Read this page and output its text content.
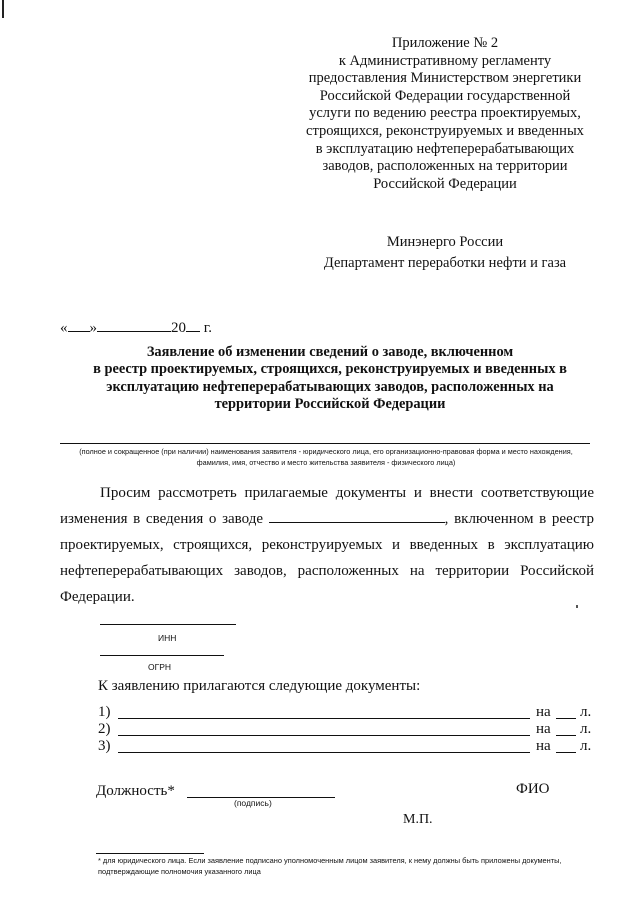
Приложение № 2
к Административному регламенту
предоставления Министерством энергетики
Российской Федерации государственной
услуги по ведению реестра проектируемых,
строящихся, реконструируемых и введенных
в эксплуатацию нефтеперерабатывающих
заводов, расположенных на территории
Российской Федерации
Минэнерго России
Департамент переработки нефти и газа
« »	20 г.
Заявление об изменении сведений о заводе, включенном
в реестр проектируемых, строящихся, реконструируемых и введенных в
эксплуатацию нефтеперерабатывающих заводов, расположенных на
территории Российской Федерации
(полное и сокращенное (при наличии) наименования заявителя - юридического лица, его организационно-правовая форма и место нахождения,
фамилия, имя, отчество и место жительства заявителя - физического лица)
Просим рассмотреть прилагаемые документы и внести соответствующие
изменения в сведения о заводе	, включенном в реестр
проектируемых, строящихся, реконструируемых и введенных в эксплуатацию
нефтеперерабатывающих заводов, расположенных на территории Российской
Федерации.
ИНН
ОГРН
К заявлению прилагаются следующие документы:
1)	на л.
2)	на л.
3)	на л.
Должность*
(подпись)
ФИО
М.П.
* для юридического лица. Если заявление подписано уполномоченным лицом заявителя, к нему должны быть приложены документы,
подтверждающие полномочия указанного лица
